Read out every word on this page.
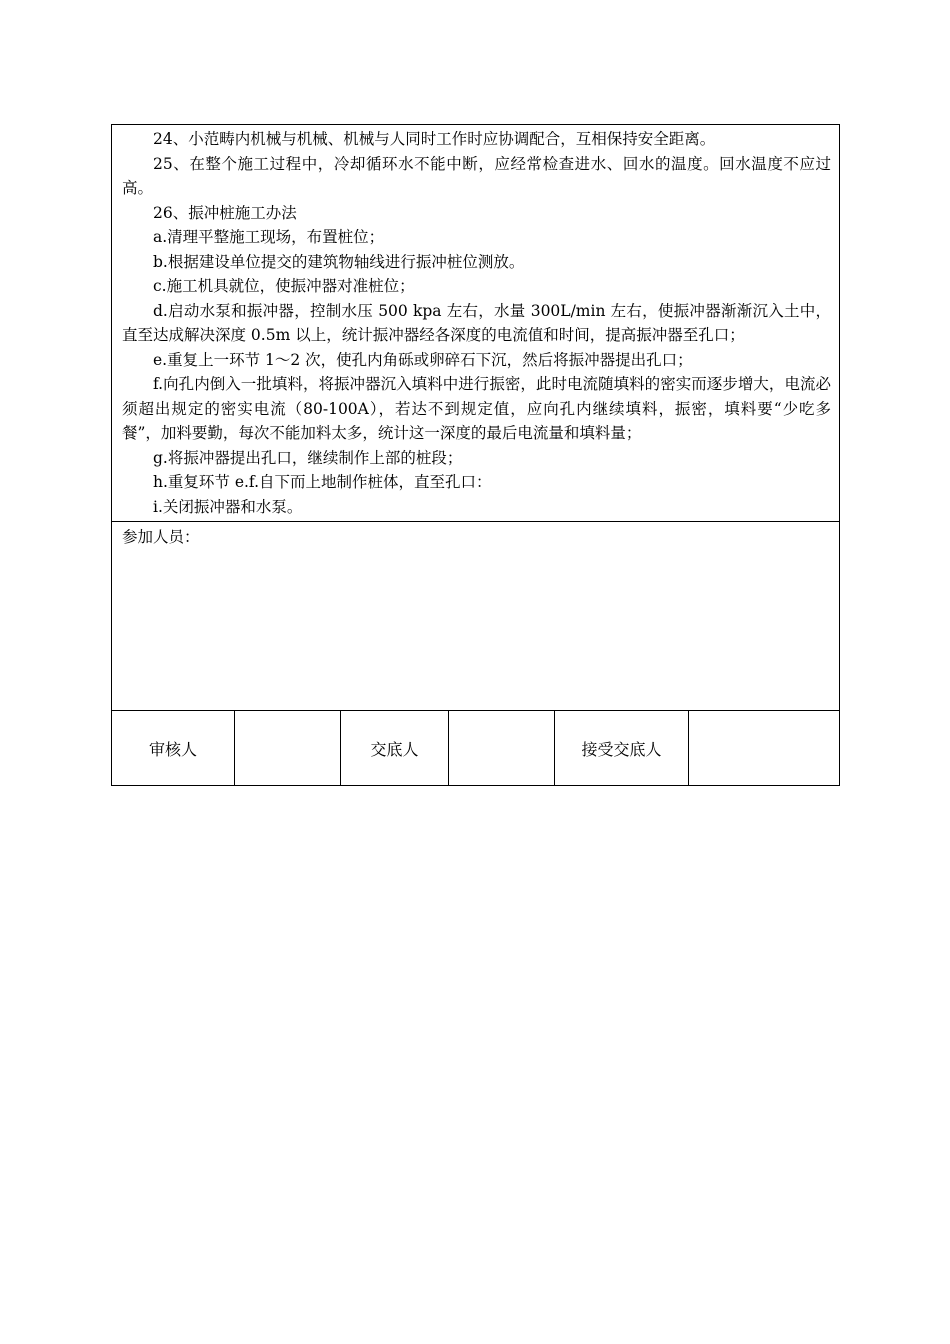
24、小范畴内机械与机械、机械与人同时工作时应协调配合，互相保持安全距离。

25、在整个施工过程中，冷却循环水不能中断，应经常检查进水、回水的温度。回水温度不应过高。

26、振冲桩施工办法

a.清理平整施工现场，布置桩位；

b.根据建设单位提交的建筑物轴线进行振冲桩位测放。

c.施工机具就位，使振冲器对准桩位；

d.启动水泵和振冲器，控制水压 500 kpa 左右，水量 300L/min 左右，使振冲器渐渐沉入土中，直至达成解决深度 0.5m 以上，统计振冲器经各深度的电流值和时间，提高振冲器至孔口；

e.重复上一环节 1～2 次，使孔内角砾或卵碎石下沉，然后将振冲器提出孔口；

f.向孔内倒入一批填料，将振冲器沉入填料中进行振密，此时电流随填料的密实而逐步增大，电流必须超出规定的密实电流（80-100A），若达不到规定值，应向孔内继续填料，振密，填料要“少吃多餐”，加料要勤，每次不能加料太多，统计这一深度的最后电流量和填料量；

g.将振冲器提出孔口，继续制作上部的桩段；

h.重复环节 e.f.自下而上地制作桩体，直至孔口：

i.关闭振冲器和水泵。

参加人员：
审核人		交底人		接受交底人	
